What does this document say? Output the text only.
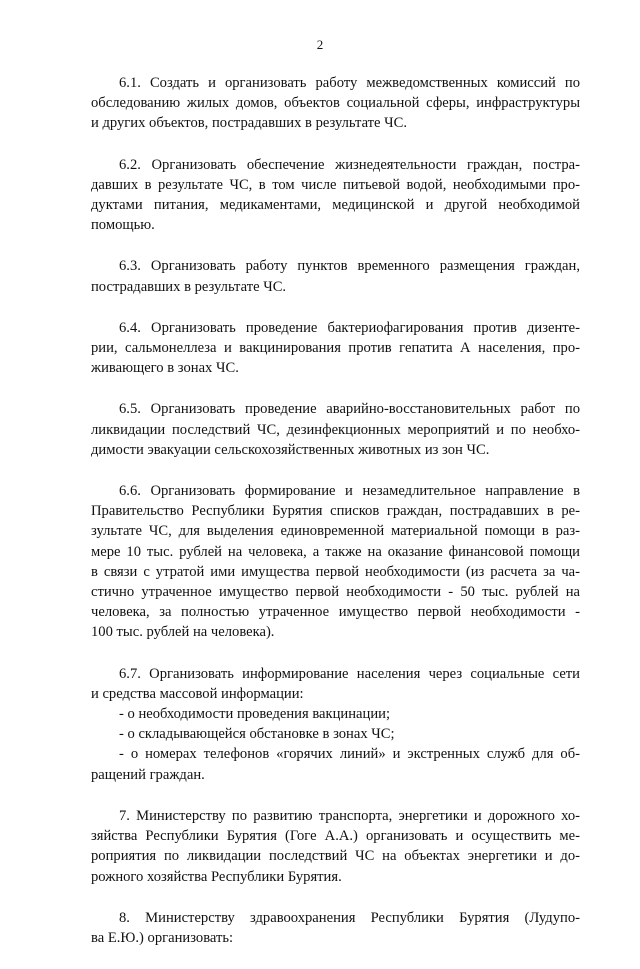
2
6.1. Создать и организовать работу межведомственных комиссий по
обследованию жилых домов, объектов социальной сферы, инфраструктуры
и других объектов, пострадавших в результате ЧС.
6.2. Организовать обеспечение жизнедеятельности граждан, постра-
давших в результате ЧС, в том числе питьевой водой, необходимыми про-
дуктами питания, медикаментами, медицинской и другой необходимой
помощью.
6.3. Организовать работу пунктов временного размещения граждан,
пострадавших в результате ЧС.
6.4. Организовать проведение бактериофагирования против дизенте-
рии, сальмонеллеза и вакцинирования против гепатита А населения, про-
живающего в зонах ЧС.
6.5. Организовать проведение аварийно-восстановительных работ по
ликвидации последствий ЧС, дезинфекционных мероприятий и по необхо-
димости эвакуации сельскохозяйственных животных из зон ЧС.
6.6. Организовать формирование и незамедлительное направление в
Правительство Республики Бурятия списков граждан, пострадавших в ре-
зультате ЧС, для выделения единовременной материальной помощи в раз-
мере 10 тыс. рублей на человека, а также на оказание финансовой помощи
в связи с утратой ими имущества первой необходимости (из расчета за ча-
стично утраченное имущество первой необходимости - 50 тыс. рублей на
человека, за полностью утраченное имущество первой необходимости -
100 тыс. рублей на человека).
6.7. Организовать информирование населения через социальные сети
и средства массовой информации:
- о необходимости проведения вакцинации;
- о складывающейся обстановке в зонах ЧС;
- о номерах телефонов «горячих линий» и экстренных служб для об-
ращений граждан.
7. Министерству по развитию транспорта, энергетики и дорожного хо-
зяйства Республики Бурятия (Гоге А.А.) организовать и осуществить ме-
роприятия по ликвидации последствий ЧС на объектах энергетики и до-
рожного хозяйства Республики Бурятия.
8. Министерству здравоохранения Республики Бурятия (Лудупо-
ва Е.Ю.) организовать:
